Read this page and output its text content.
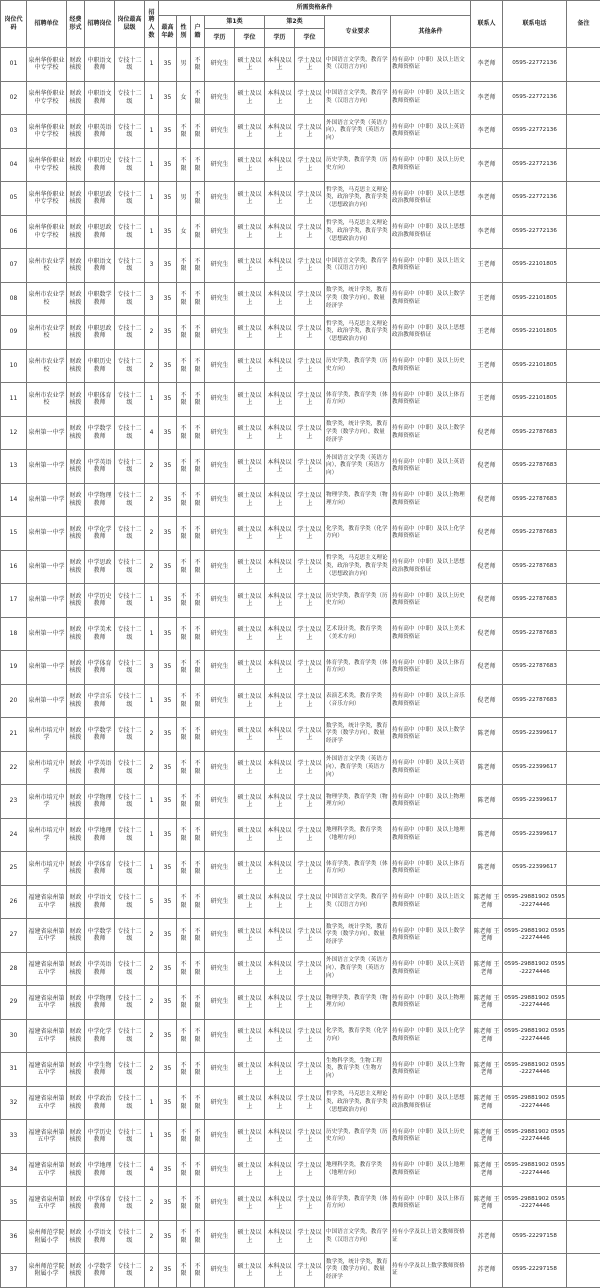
岗位代码	招聘单位	经费形式	招聘岗位	岗位最高层级	招聘人数	所需资格条件									联系人	联系电话	备注
						最高年龄	性别	户籍	第1类		第2类		专业要求	其他条件			
									学历	学位	学历	学位					
01	泉州华侨职业中专学校	财政核拨	中职语文教师	专技十二级	1	35	男	不限	研究生	硕士及以上	本科及以上	学士及以上	中国语言文学类，教育学类（汉语言方向）	持有高中（中职）及以上语文教师资格证	李老师	0595-22772136	
02	泉州华侨职业中专学校	财政核拨	中职语文教师	专技十二级	1	35	女	不限	研究生	硕士及以上	本科及以上	学士及以上	中国语言文学类，教育学类（汉语言方向）	持有高中（中职）及以上语文教师资格证	李老师	0595-22772136	
03	泉州华侨职业中专学校	财政核拨	中职英语教师	专技十二级	1	35	不限	不限	研究生	硕士及以上	本科及以上	学士及以上	外国语言文学类（英语方向），教育学类（英语方向）	持有高中（中职）及以上英语教师资格证	李老师	0595-22772136	
04	泉州华侨职业中专学校	财政核拨	中职历史教师	专技十二级	1	35	不限	不限	研究生	硕士及以上	本科及以上	学士及以上	历史学类，教育学类（历史方向）	持有高中（中职）及以上历史教师资格证	李老师	0595-22772136	
05	泉州华侨职业中专学校	财政核拨	中职思政教师	专技十二级	1	35	男	不限	研究生	硕士及以上	本科及以上	学士及以上	哲学类，马克思主义理论类，政治学类，教育学类（思想政治方向）	持有高中（中职）及以上思想政治教师资格证	李老师	0595-22772136	
06	泉州华侨职业中专学校	财政核拨	中职思政教师	专技十二级	1	35	女	不限	研究生	硕士及以上	本科及以上	学士及以上	哲学类，马克思主义理论类，政治学类，教育学类（思想政治方向）	持有高中（中职）及以上思想政治教师资格证	李老师	0595-22772136	
07	泉州市农业学校	财政核拨	中职语文教师	专技十二级	3	35	不限	不限	研究生	硕士及以上	本科及以上	学士及以上	中国语言文学类，教育学类（汉语言方向）	持有高中（中职）及以上语文教师资格证	王老师	0595-22101805	
08	泉州市农业学校	财政核拨	中职数学教师	专技十二级	3	35	不限	不限	研究生	硕士及以上	本科及以上	学士及以上	数学类，统计学类，教育学类（数学方向），数量经济学	持有高中（中职）及以上数学教师资格证	王老师	0595-22101805	
09	泉州市农业学校	财政核拨	中职思政教师	专技十二级	2	35	不限	不限	研究生	硕士及以上	本科及以上	学士及以上	哲学类，马克思主义理论类，政治学类，教育学类（思想政治方向）	持有高中（中职）及以上思想政治教师资格证	王老师	0595-22101805	
10	泉州市农业学校	财政核拨	中职历史教师	专技十二级	2	35	不限	不限	研究生	硕士及以上	本科及以上	学士及以上	历史学类，教育学类（历史方向）	持有高中（中职）及以上历史教师资格证	王老师	0595-22101805	
11	泉州市农业学校	财政核拨	中职体育教师	专技十二级	1	35	不限	不限	研究生	硕士及以上	本科及以上	学士及以上	体育学类，教育学类（体育方向）	持有高中（中职）及以上体育教师资格证	王老师	0595-22101805	
12	泉州第一中学	财政核拨	中学数学教师	专技十二级	4	35	不限	不限	研究生	硕士及以上	本科及以上	学士及以上	数学类，统计学类，教育学类（数学方向），数量经济学	持有高中（中职）及以上数学教师资格证	倪老师	0595-22787683	
13	泉州第一中学	财政核拨	中学英语教师	专技十二级	2	35	不限	不限	研究生	硕士及以上	本科及以上	学士及以上	外国语言文学类（英语方向），教育学类（英语方向）	持有高中（中职）及以上英语教师资格证	倪老师	0595-22787683	
14	泉州第一中学	财政核拨	中学物理教师	专技十二级	2	35	不限	不限	研究生	硕士及以上	本科及以上	学士及以上	物理学类，教育学类（物理方向）	持有高中（中职）及以上物理教师资格证	倪老师	0595-22787683	
15	泉州第一中学	财政核拨	中学化学教师	专技十二级	2	35	不限	不限	研究生	硕士及以上	本科及以上	学士及以上	化学类，教育学类（化学方向）	持有高中（中职）及以上化学教师资格证	倪老师	0595-22787683	
16	泉州第一中学	财政核拨	中学思政教师	专技十二级	2	35	不限	不限	研究生	硕士及以上	本科及以上	学士及以上	哲学类，马克思主义理论类，政治学类，教育学类（思想政治方向）	持有高中（中职）及以上思想政治教师资格证	倪老师	0595-22787683	
17	泉州第一中学	财政核拨	中学历史教师	专技十二级	1	35	不限	不限	研究生	硕士及以上	本科及以上	学士及以上	历史学类，教育学类（历史方向）	持有高中（中职）及以上历史教师资格证	倪老师	0595-22787683	
18	泉州第一中学	财政核拨	中学美术教师	专技十二级	1	35	不限	不限	研究生	硕士及以上	本科及以上	学士及以上	艺术设计类，教育学类（美术方向）	持有高中（中职）及以上美术教师资格证	倪老师	0595-22787683	
19	泉州第一中学	财政核拨	中学体育教师	专技十二级	3	35	不限	不限	研究生	硕士及以上	本科及以上	学士及以上	体育学类，教育学类（体育方向）	持有高中（中职）及以上体育教师资格证	倪老师	0595-22787683	
20	泉州第一中学	财政核拨	中学音乐教师	专技十二级	1	35	不限	不限	研究生	硕士及以上	本科及以上	学士及以上	表演艺术类，教育学类（音乐方向）	持有高中（中职）及以上音乐教师资格证	倪老师	0595-22787683	
21	泉州市培元中学	财政核拨	中学数学教师	专技十二级	2	35	不限	不限	研究生	硕士及以上	本科及以上	学士及以上	数学类，统计学类，教育学类（数学方向），数量经济学	持有高中（中职）及以上数学教师资格证	陈老师	0595-22399617	
22	泉州市培元中学	财政核拨	中学英语教师	专技十二级	2	35	不限	不限	研究生	硕士及以上	本科及以上	学士及以上	外国语言文学类（英语方向），教育学类（英语方向）	持有高中（中职）及以上英语教师资格证	陈老师	0595-22399617	
23	泉州市培元中学	财政核拨	中学物理教师	专技十二级	1	35	不限	不限	研究生	硕士及以上	本科及以上	学士及以上	物理学类，教育学类（物理方向）	持有高中（中职）及以上物理教师资格证	陈老师	0595-22399617	
24	泉州市培元中学	财政核拨	中学地理教师	专技十二级	1	35	不限	不限	研究生	硕士及以上	本科及以上	学士及以上	地理科学类，教育学类（地理方向）	持有高中（中职）及以上地理教师资格证	陈老师	0595-22399617	
25	泉州市培元中学	财政核拨	中学体育教师	专技十二级	1	35	不限	不限	研究生	硕士及以上	本科及以上	学士及以上	体育学类，教育学类（体育方向）	持有高中（中职）及以上体育教师资格证	陈老师	0595-22399617	
26	福建省泉州第五中学	财政核拨	中学语文教师	专技十二级	5	35	不限	不限	研究生	硕士及以上	本科及以上	学士及以上	中国语言文学类，教育学类（汉语言方向）	持有高中（中职）及以上语文教师资格证	陈老师 王老师	0595-29881902 0595-22274446	
27	福建省泉州第五中学	财政核拨	中学数学教师	专技十二级	2	35	不限	不限	研究生	硕士及以上	本科及以上	学士及以上	数学类，统计学类，教育学类（数学方向），数量经济学	持有高中（中职）及以上数学教师资格证	陈老师 王老师	0595-29881902 0595-22274446	
28	福建省泉州第五中学	财政核拨	中学英语教师	专技十二级	2	35	不限	不限	研究生	硕士及以上	本科及以上	学士及以上	外国语言文学类（英语方向），教育学类（英语方向）	持有高中（中职）及以上英语教师资格证	陈老师 王老师	0595-29881902 0595-22274446	
29	福建省泉州第五中学	财政核拨	中学物理教师	专技十二级	2	35	不限	不限	研究生	硕士及以上	本科及以上	学士及以上	物理学类，教育学类（物理方向）	持有高中（中职）及以上物理教师资格证	陈老师 王老师	0595-29881902 0595-22274446	
30	福建省泉州第五中学	财政核拨	中学化学教师	专技十二级	2	35	不限	不限	研究生	硕士及以上	本科及以上	学士及以上	化学类，教育学类（化学方向）	持有高中（中职）及以上化学教师资格证	陈老师 王老师	0595-29881902 0595-22274446	
31	福建省泉州第五中学	财政核拨	中学生物教师	专技十二级	2	35	不限	不限	研究生	硕士及以上	本科及以上	学士及以上	生物科学类，生物工程类，教育学类（生物方向）	持有高中（中职）及以上生物教师资格证	陈老师 王老师	0595-29881902 0595-22274446	
32	福建省泉州第五中学	财政核拨	中学政治教师	专技十二级	1	35	不限	不限	研究生	硕士及以上	本科及以上	学士及以上	哲学类，马克思主义理论类，政治学类，教育学类（思想政治方向）	持有高中（中职）及以上思想政治教师资格证	陈老师 王老师	0595-29881902 0595-22274446	
33	福建省泉州第五中学	财政核拨	中学历史教师	专技十二级	1	35	不限	不限	研究生	硕士及以上	本科及以上	学士及以上	历史学类，教育学类（历史方向）	持有高中（中职）及以上历史教师资格证	陈老师 王老师	0595-29881902 0595-22274446	
34	福建省泉州第五中学	财政核拨	中学地理教师	专技十二级	4	35	不限	不限	研究生	硕士及以上	本科及以上	学士及以上	地理科学类，教育学类（地理方向）	持有高中（中职）及以上地理教师资格证	陈老师 王老师	0595-29881902 0595-22274446	
35	福建省泉州第五中学	财政核拨	中学体育教师	专技十二级	2	35	不限	不限	研究生	硕士及以上	本科及以上	学士及以上	体育学类，教育学类（体育方向）	持有高中（中职）及以上体育教师资格证	陈老师 王老师	0595-29881902 0595-22274446	
36	泉州师范学院附属小学	财政核拨	小学语文教师	专技十二级	2	35	不限	不限	研究生	硕士及以上	本科及以上	学士及以上	中国语言文学类，教育学类（汉语言方向）	持有小学及以上语文教师资格证	苏老师	0595-22297158	
37	泉州师范学院附属小学	财政核拨	小学数学教师	专技十二级	2	35	不限	不限	研究生	硕士及以上	本科及以上	学士及以上	数学类，统计学类，教育学类（数学方向），数量经济学	持有小学及以上数学教师资格证	苏老师	0595-22297158	
